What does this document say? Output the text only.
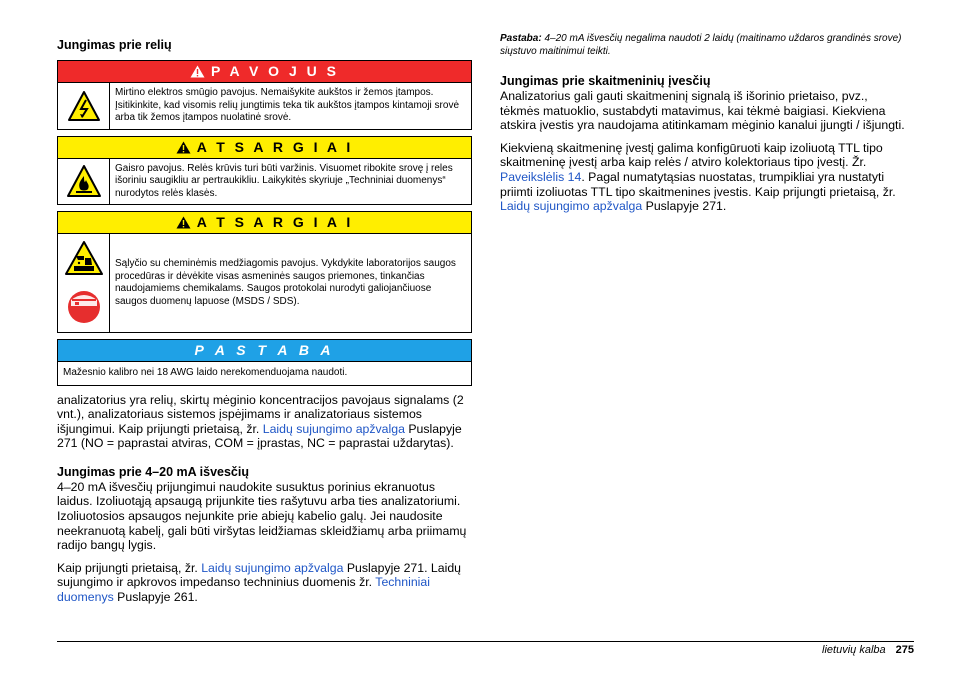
Jungimas prie relių
P A V O J U S
Mirtino elektros smūgio pavojus. Nemaišykite aukštos ir žemos įtampos. Įsitikinkite, kad visomis relių jungtimis teka tik aukštos įtampos kintamoji srovė arba tik žemos įtampos nuolatinė srovė.
A T S A R G I A I
Gaisro pavojus. Relės krūvis turi būti varžinis. Visuomet ribokite srovę į reles išoriniu saugikliu ar pertraukikliu. Laikykitės skyriuje „Techniniai duomenys“ nurodytos relės klasės.
A T S A R G I A I
Sąlyčio su cheminėmis medžiagomis pavojus. Vykdykite laboratorijos saugos procedūras ir dėvėkite visas asmeninės saugos priemones, tinkančias naudojamiems chemikalams. Saugos protokolai nurodyti galiojančiuose saugos duomenų lapuose (MSDS / SDS).
P A S T A B A
Mažesnio kalibro nei 18 AWG laido nerekomenduojama naudoti.

analizatorius yra relių, skirtų mėginio koncentracijos pavojaus signalams (2 vnt.), analizatoriaus sistemos įspėjimams ir analizatoriaus sistemos išjungimui. Kaip prijungti prietaisą, žr. Laidų sujungimo apžvalga Puslapyje 271 (NO = paprastai atviras, COM = įprastas, NC = paprastai uždarytas).

Jungimas prie 4–20 mA išvesčių

4–20 mA išvesčių prijungimui naudokite susuktus porinius ekranuotus laidus. Izoliuotąją apsaugą prijunkite ties rašytuvu arba ties analizatoriumi. Izoliuotosios apsaugos nejunkite prie abiejų kabelio galų. Jei naudosite neekranuotą kabelį, gali būti viršytas leidžiamas skleidžiamų arba priimamų radijo bangų lygis.

Kaip prijungti prietaisą, žr. Laidų sujungimo apžvalga Puslapyje 271. Laidų sujungimo ir apkrovos impedanso techninius duomenis žr. Techniniai duomenys Puslapyje 261.

Pastaba: 4–20 mA išvesčių negalima naudoti 2 laidų (maitinamo uždaros grandinės srove) siųstuvo maitinimui teikti.
Jungimas prie skaitmeninių įvesčių

Analizatorius gali gauti skaitmeninį signalą iš išorinio prietaiso, pvz., tėkmės matuoklio, sustabdyti matavimus, kai tėkmė baigiasi. Kiekviena atskira įvestis yra naudojama atitinkamam mėginio kanalui įjungti / išjungti.

Kiekvieną skaitmeninę įvestį galima konfigūruoti kaip izoliuotą TTL tipo skaitmeninę įvestį arba kaip relės / atviro kolektoriaus tipo įvestį. Žr. Paveikslėlis 14. Pagal numatytąsias nuostatas, trumpikliai yra nustatyti priimti izoliuotas TTL tipo skaitmenines įvestis. Kaip prijungti prietaisą, žr. Laidų sujungimo apžvalga Puslapyje 271.

lietuvių kalba 275
